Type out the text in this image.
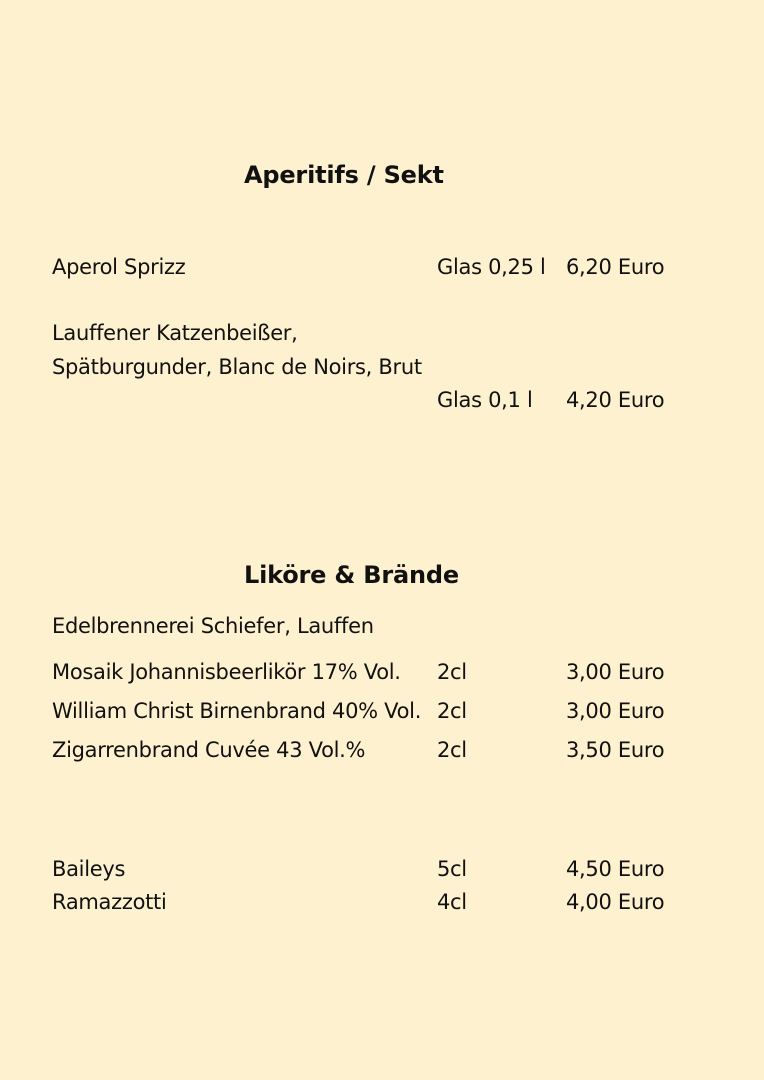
Aperitifs / Sekt
Aperol Sprizz	Glas 0,25 l 6,20 Euro
Lauffener Katzenbeißer,
Spätburgunder, Blanc de Noirs, Brut
Glas 0,1 l 4,20 Euro
Liköre & Brände
Edelbrennerei Schiefer, Lauffen
Mosaik Johannisbeerlikör 17% Vol. 2cl	3,00 Euro
William Christ Birnenbrand 40% Vol. 2cl	3,00 Euro
Zigarrenbrand Cuvée 43 Vol.%	2cl	3,50 Euro
Baileys	5cl	4,50 Euro
Ramazzotti	4cl	4,00 Euro
